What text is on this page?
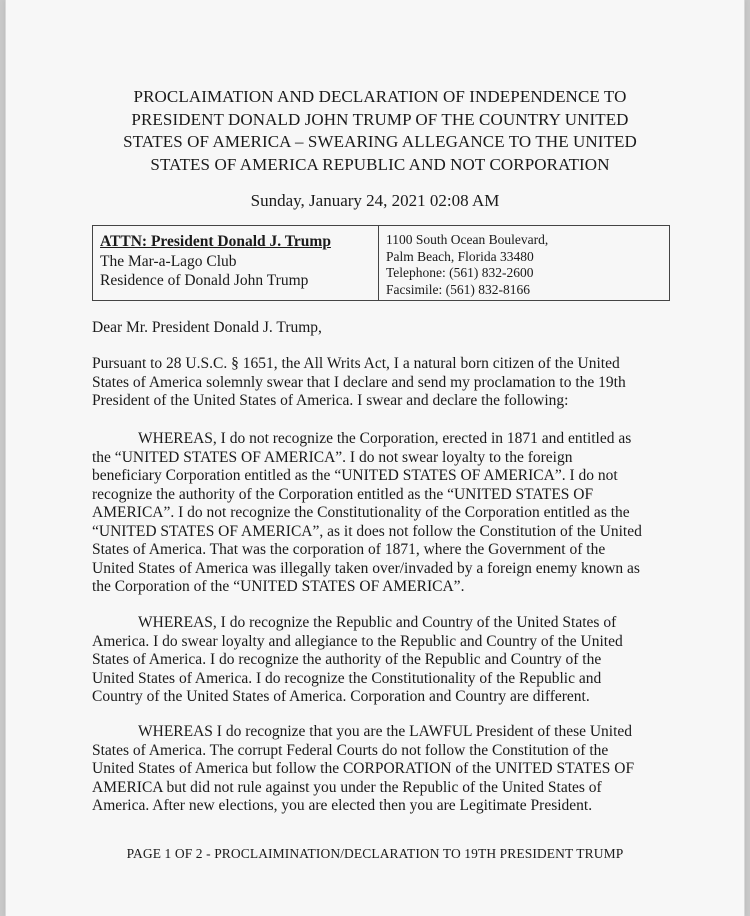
PROCLAIMATION AND DECLARATION OF INDEPENDENCE TO
PRESIDENT DONALD JOHN TRUMP OF THE COUNTRY UNITED
STATES OF AMERICA – SWEARING ALLEGANCE TO THE UNITED
STATES OF AMERICA REPUBLIC AND NOT CORPORATION
Sunday, January 24, 2021 02:08 AM
ATTN: President Donald J. Trump
The Mar-a-Lago Club
Residence of Donald John Trump
1100 South Ocean Boulevard,
Palm Beach, Florida 33480
Telephone: (561) 832-2600
Facsimile: (561) 832-8166
Dear Mr. President Donald J. Trump,
Pursuant to 28 U.S.C. § 1651, the All Writs Act, I a natural born citizen of the United
States of America solemnly swear that I declare and send my proclamation to the 19th
President of the United States of America. I swear and declare the following:
WHEREAS, I do not recognize the Corporation, erected in 1871 and entitled as
the “UNITED STATES OF AMERICA”. I do not swear loyalty to the foreign
beneficiary Corporation entitled as the “UNITED STATES OF AMERICA”. I do not
recognize the authority of the Corporation entitled as the “UNITED STATES OF
AMERICA”. I do not recognize the Constitutionality of the Corporation entitled as the
“UNITED STATES OF AMERICA”, as it does not follow the Constitution of the United
States of America. That was the corporation of 1871, where the Government of the
United States of America was illegally taken over/invaded by a foreign enemy known as
the Corporation of the “UNITED STATES OF AMERICA”.
WHEREAS, I do recognize the Republic and Country of the United States of
America. I do swear loyalty and allegiance to the Republic and Country of the United
States of America. I do recognize the authority of the Republic and Country of the
United States of America. I do recognize the Constitutionality of the Republic and
Country of the United States of America. Corporation and Country are different.
WHEREAS I do recognize that you are the LAWFUL President of these United
States of America. The corrupt Federal Courts do not follow the Constitution of the
United States of America but follow the CORPORATION of the UNITED STATES OF
AMERICA but did not rule against you under the Republic of the United States of
America. After new elections, you are elected then you are Legitimate President.
PAGE 1 OF 2 - PROCLAIMINATION/DECLARATION TO 19TH PRESIDENT TRUMP
